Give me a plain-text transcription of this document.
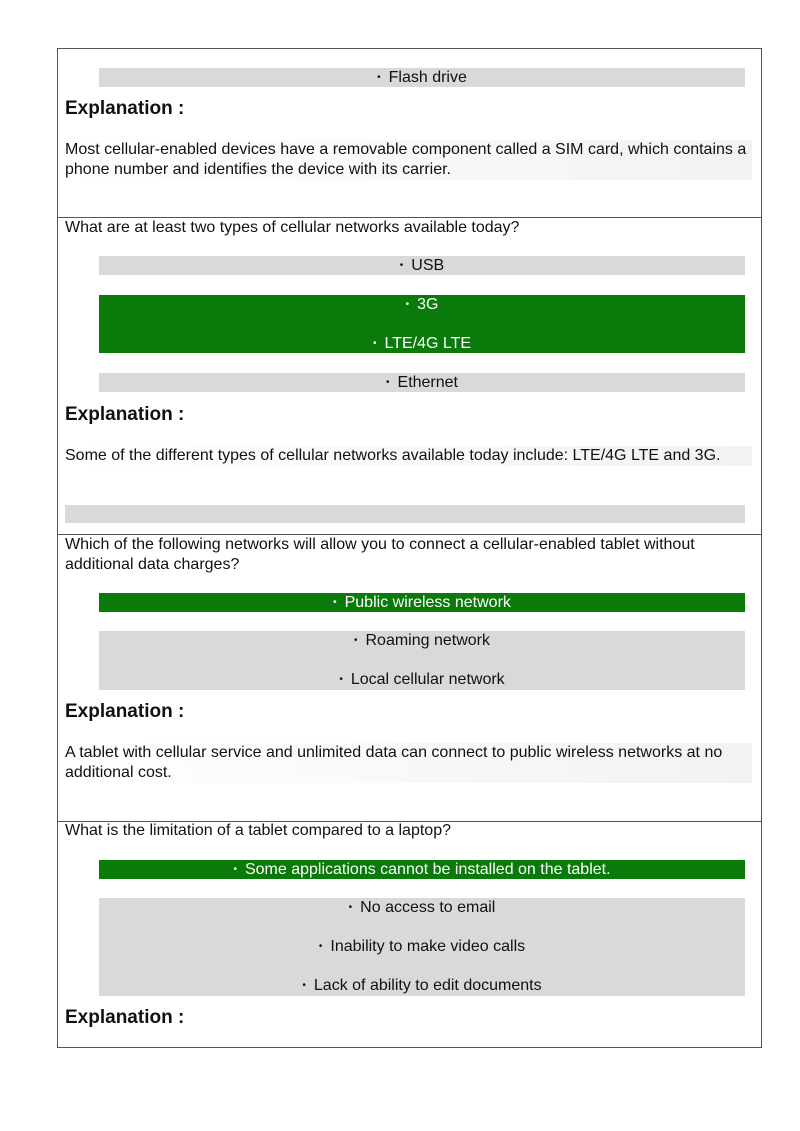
• Flash drive
Explanation :
Most cellular-enabled devices have a removable component called a SIM card, which contains a phone number and identifies the device with its carrier.
What are at least two types of cellular networks available today?
• USB
• 3G
• LTE/4G LTE
• Ethernet
Explanation :
Some of the different types of cellular networks available today include: LTE/4G LTE and 3G.
Which of the following networks will allow you to connect a cellular-enabled tablet without additional data charges?
• Public wireless network
• Roaming network
• Local cellular network
Explanation :
A tablet with cellular service and unlimited data can connect to public wireless networks at no additional cost.
What is the limitation of a tablet compared to a laptop?
• Some applications cannot be installed on the tablet.
• No access to email
• Inability to make video calls
• Lack of ability to edit documents
Explanation :
